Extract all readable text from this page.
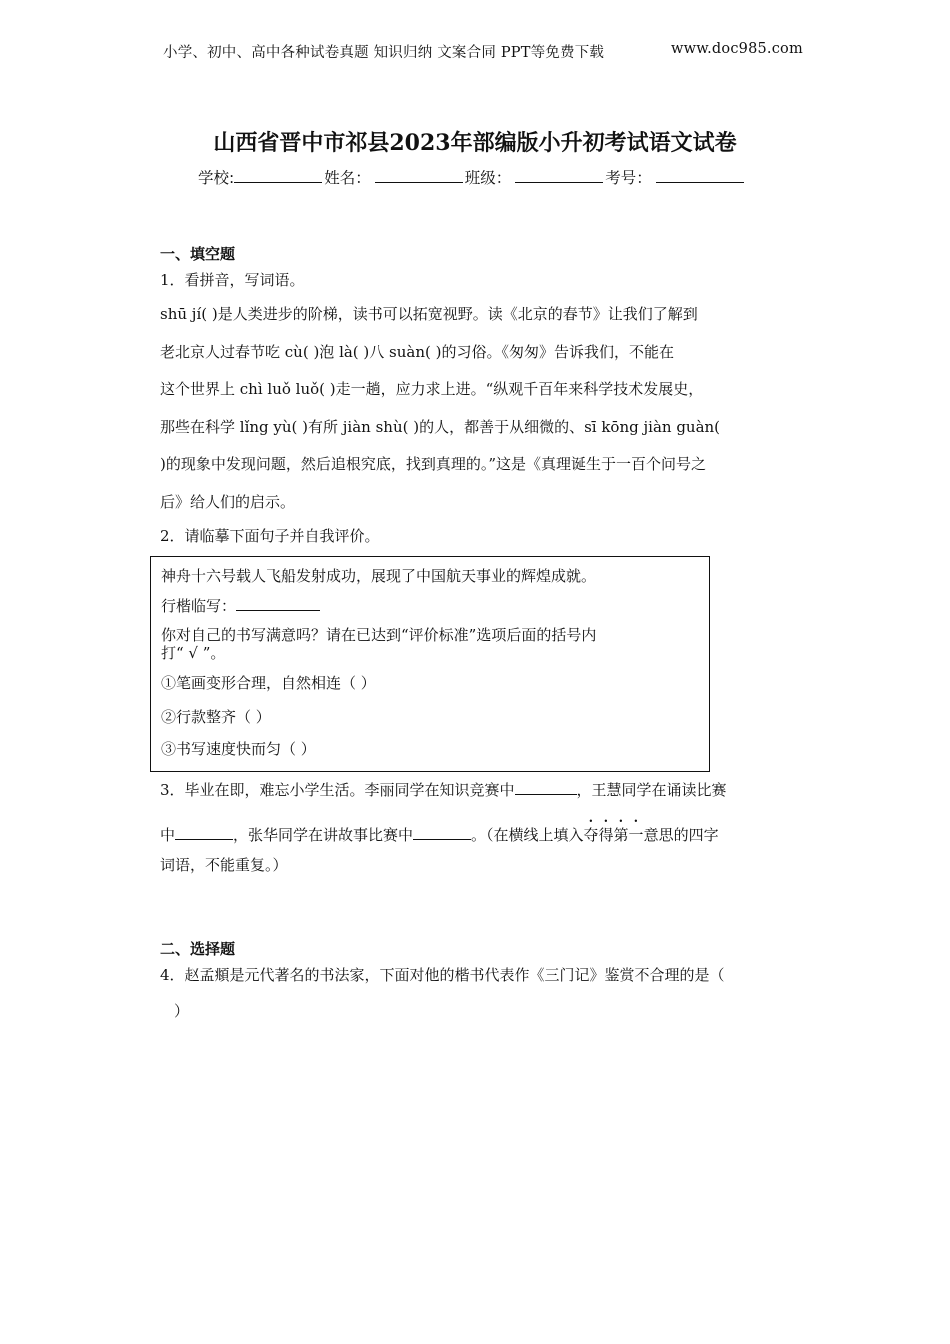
小学、初中、高中各种试卷真题 知识归纳 文案合同 PPT等免费下载	www.doc985.com
山西省晋中市祁县2023年部编版小升初考试语文试卷
学校:	姓名：	班级：	考号：
一、填空题
1．看拼音，写词语。
shū jí( )是人类进步的阶梯，读书可以拓宽视野。读《北京的春节》让我们了解到
老北京人过春节吃 cù( )泡 là( )八 suàn( )的习俗。《匆匆》告诉我们，不能在
这个世界上 chì luǒ luǒ( )走一趟，应力求上进。“纵观千百年来科学技术发展史，
那些在科学 lǐng yù( )有所 jiàn shù( )的人，都善于从细微的、sī kōng jiàn guàn(
)的现象中发现问题，然后追根究底，找到真理的。”这是《真理诞生于一百个问号之
后》给人们的启示。
2．请临摹下面句子并自我评价。
神舟十六号载人飞船发射成功，展现了中国航天事业的辉煌成就。
行楷临写：
你对自己的书写满意吗？请在已达到“评价标准”选项后面的括号内
打“ √ ”。
①笔画变形合理，自然相连（ ）
②行款整齐（ ）
③书写速度快而匀（ ）
3．毕业在即，难忘小学生活。李丽同学在知识竞赛中	，王慧同学在诵读比赛
中	，张华同学在讲故事比赛中	。（在横线上填入夺得第一意思的四字
词语，不能重复。）
二、选择题
4．赵孟頫是元代著名的书法家，下面对他的楷书代表作《三门记》鉴赏不合理的是（
）
